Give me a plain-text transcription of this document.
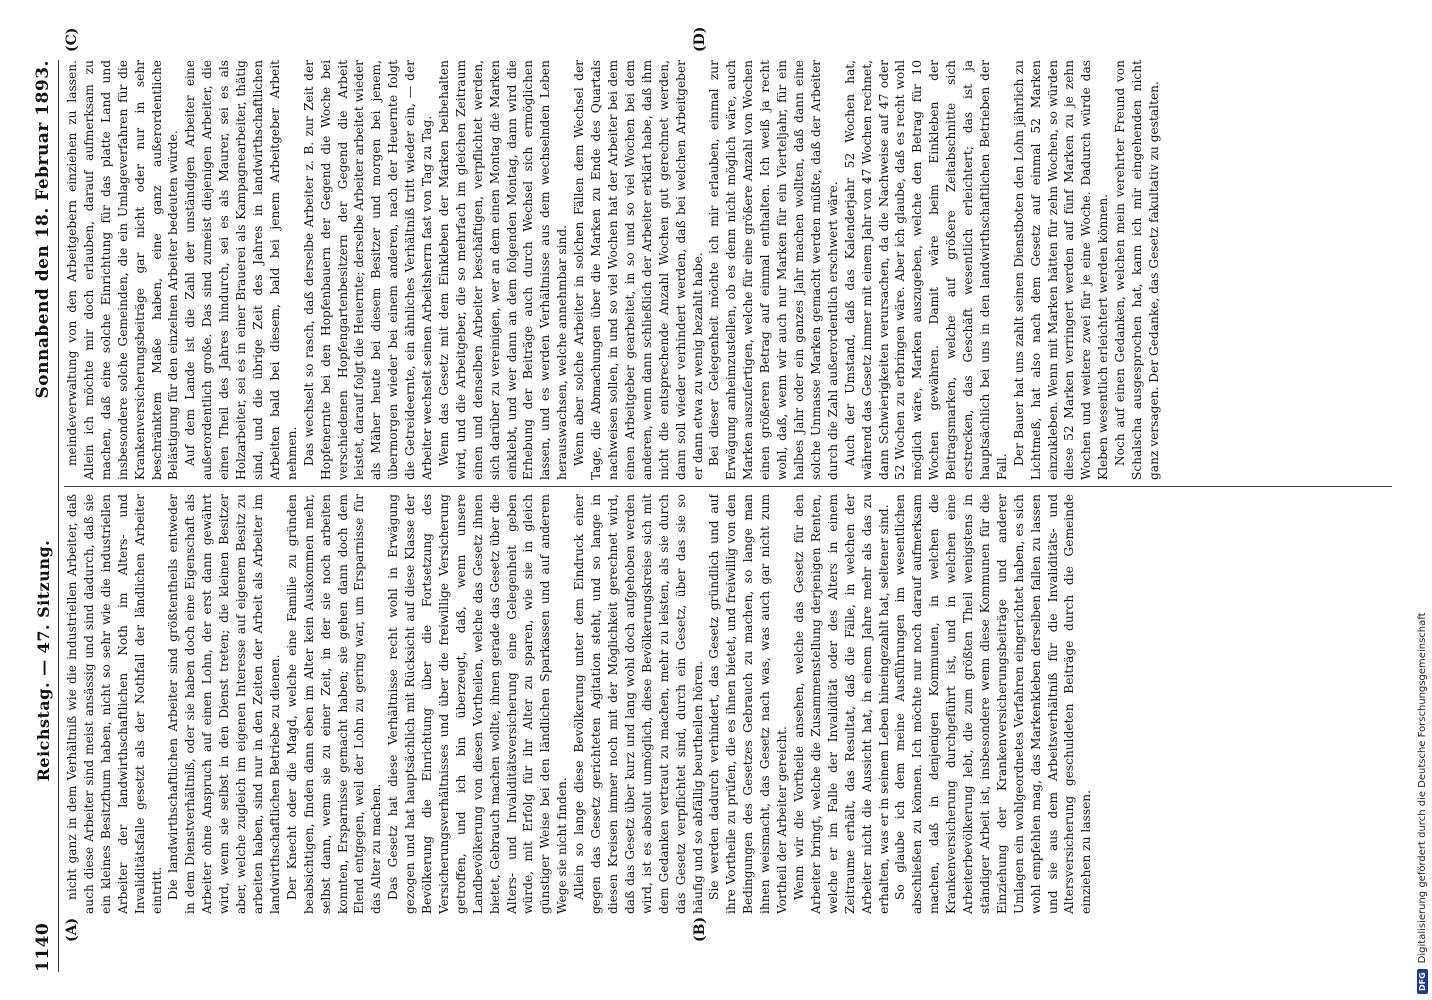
1140
Reichstag. — 47. Sitzung.
Sonnabend den 18. Februar 1893.
(A)	(B)
(C)	(D)

nicht ganz in dem Verhältniß wie die industriellen Arbeiter, daß auch diese Arbeiter sind meist ansässig und sind dadurch, daß sie ein kleines Besitzthum haben, nicht so sehr wie die industriellen Arbeiter der landwirthschaftlichen Noth im Alters- und Invaliditätsfalle gesetzt als der Nothfall der ländlichen Arbeiter eintritt. Die landwirthschaftlichen Arbeiter sind größtentheils entweder in dem Dienstverhältniß, oder sie haben doch eine Eigenschaft als Arbeiter ohne Anspruch auf einen Lohn, der erst dann gewährt wird, wenn sie selbst in den Dienst treten; die kleinen Besitzer aber, welche zugleich im eigenen Interesse auf eigenem Besitz zu arbeiten haben, sind nur in den Zeiten der Arbeit als Arbeiter im landwirthschaftlichen Betriebe zu dienen. Der Knecht oder die Magd, welche eine Familie zu gründen beabsichtigen, finden dann eben im Alter kein Auskommen mehr, selbst dann, wenn sie zu einer Zeit, in der sie noch arbeiten konnten, Ersparnisse gemacht haben; sie gehen dann doch dem Elend entgegen, weil der Lohn zu gering war, um Ersparnisse für das Alter zu machen. Das Gesetz hat diese Verhältnisse recht wohl in Erwägung gezogen und hat hauptsächlich mit Rücksicht auf diese Klasse der Bevölkerung die Einrichtung über die Fortsetzung des Versicherungsverhältnisses und über die freiwillige Versicherung getroffen, und ich bin überzeugt, daß, wenn unsere Landbevölkerung von diesen Vortheilen, welche das Gesetz ihnen bietet, Gebrauch machen wollte, ihnen gerade das Gesetz über die Alters- und Invaliditätsversicherung eine Gelegenheit geben würde, mit Erfolg für ihr Alter zu sparen, wie sie in gleich günstiger Weise bei den ländlichen Sparkassen und auf anderem Wege sie nicht finden. Allein so lange diese Bevölkerung unter dem Eindruck einer gegen das Gesetz gerichteten Agitation steht, und so lange in diesen Kreisen immer noch mit der Möglichkeit gerechnet wird, daß das Gesetz über kurz und lang wohl doch aufgehoben werden wird, ist es absolut unmöglich, diese Bevölkerungskreise sich mit dem Gedanken vertraut zu machen, mehr zu leisten, als sie durch das Gesetz verpflichtet sind, durch ein Gesetz, über das sie so häufig und so abfällig beurtheilen hören. Sie werden dadurch verhindert, das Gesetz gründlich und auf ihre Vortheile zu prüfen, die es ihnen bietet, und freiwillig von den Bedingungen des Gesetzes Gebrauch zu machen, so lange man ihnen weismacht, das Gesetz nach was, was auch gar nicht zum Vortheil der Arbeiter gereicht. Wenn wir die Vortheile ansehen, welche das Gesetz für den Arbeiter bringt, welche die Zusammenstellung derjenigen Renten, welche er im Falle der Invalidität oder des Alters in einem Zeitraume erhält, das Resultat, daß die Fälle, in welchen der Arbeiter nicht die Aussicht hat, in einem Jahre mehr als das zu erhalten, was er in seinem Leben hineingezahlt hat, seltener sind. So glaube ich dem meine Ausführungen im wesentlichen abschließen zu können. Ich möchte nur noch darauf aufmerksam machen, daß in denjenigen Kommunen, in welchen die Krankenversicherung durchgeführt ist, und in welchen eine Arbeiterbevölkerung lebt, die zum größten Theil wenigstens in ständiger Arbeit ist, insbesondere wenn diese Kommunen für die Einziehung der Krankenversicherungsbeiträge und anderer Umlagen ein wohlgeordnetes Verfahren eingerichtet haben, es sich wohl empfehlen mag, das Markenkleben derselben fallen zu lassen und sie aus dem Arbeitsverhältniß für die Invaliditäts- und Altersversicherung geschuldeten Beiträge durch die Gemeinde einziehen zu lassen.

meindeverwaltung von den Arbeitgebern einziehen zu lassen. Allein ich möchte mir doch erlauben, darauf aufmerksam zu machen, daß eine solche Einrichtung für das platte Land und insbesondere solche Gemeinden, die ein Umlageverfahren für die Krankenversicherungsbeiträge gar nicht oder nur in sehr beschränktem Maße haben, eine ganz außerordentliche Belästigung für den einzelnen Arbeiter bedeuten würde. Auf dem Lande ist die Zahl der unständigen Arbeiter eine außerordentlich große. Das sind zumeist diejenigen Arbeiter, die einen Theil des Jahres hindurch, sei es als Maurer, sei es als Holzarbeiter, sei es in einer Brauerei als Kampagnearbeiter, thätig sind, und die übrige Zeit des Jahres in landwirthschaftlichen Arbeiten bald bei diesem, bald bei jenem Arbeitgeber Arbeit nehmen. Das wechselt so rasch, daß derselbe Arbeiter z. B. zur Zeit der Hopfenernte bei den Hopfenbauern der Gegend die Woche bei verschiedenen Hopfengartenbesitzern der Gegend die Arbeit leistet, darauf folgt die Heuernte; derselbe Arbeiter arbeitet wieder als Mäher heute bei diesem Besitzer und morgen bei jenem, übermorgen wieder bei einem anderen, nach der Heuernte folgt die Getreideernte, ein ähnliches Verhältniß tritt wieder ein, — der Arbeiter wechselt seinen Arbeitsherrn fast von Tag zu Tag. Wenn das Gesetz mit dem Einkleben der Marken beibehalten wird, und die Arbeitgeber, die so mehrfach im gleichen Zeitraum einen und denselben Arbeiter beschäftigen, verpflichtet werden, sich darüber zu vereinigen, wer an dem einen Montag die Marken einklebt, und wer dann an dem folgenden Montag, dann wird die Erhebung der Beiträge auch durch Wechsel sich ermöglichen lassen, und es werden Verhältnisse aus dem wechselnden Leben herauswachsen, welche annehmbar sind. Wenn aber solche Arbeiter in solchen Fällen dem Wechsel der Tage, die Abmachungen über die Marken zu Ende des Quartals nachweisen sollen, in und so viel Wochen hat der Arbeiter bei dem einen Arbeitgeber gearbeitet, in so und so viel Wochen bei dem anderen, wenn dann schließlich der Arbeiter erklärt habe, daß ihm nicht die entsprechende Anzahl Wochen gut gerechnet werden, dann soll wieder verhindert werden, daß bei welchen Arbeitgeber er dann etwa zu wenig bezahlt habe. Bei dieser Gelegenheit möchte ich mir erlauben, einmal zur Erwägung anheimzustellen, ob es denn nicht möglich wäre, auch Marken auszufertigen, welche für eine größere Anzahl von Wochen einen größeren Betrag auf einmal enthalten. Ich weiß ja recht wohl, daß, wenn wir auch nur Marken für ein Vierteljahr, für ein halbes Jahr oder ein ganzes Jahr machen wollten, daß dann eine solche Unmasse Marken gemacht werden müßte, daß der Arbeiter durch die Zahl außerordentlich erschwert wäre. Auch der Umstand, daß das Kalenderjahr 52 Wochen hat, während das Gesetz immer mit einem Jahr von 47 Wochen rechnet, dann Schwierigkeiten verursachen, da die Nachweise auf 47 oder 52 Wochen zu erbringen wäre. Aber ich glaube, daß es recht wohl möglich wäre, Marken auszugeben, welche den Betrag für 10 Wochen gewähren. Damit wäre beim Einkleben der Beitragsmarken, welche auf größere Zeitabschnitte sich erstrecken, das Geschäft wesentlich erleichtert; das ist ja hauptsächlich bei uns in den landwirthschaftlichen Betrieben der Fall.

Der Bauer hat uns zahlt seinen Dienstboten den Lohn jährlich zu Lichtmeß, hat also nach dem Gesetz auf einmal 52 Marken einzukleben. Wenn mit Marken hätten für zehn Wochen, so würden diese 52 Marken verringert werden auf fünf Marken zu je zehn Wochen und weitere zwei für je eine Woche. Dadurch würde das Kleben wesentlich erleichtert werden können. Noch auf einen Gedanken, welchen mein verehrter Freund von Schalscha ausgesprochen hat, kann ich mir eingehenden nicht ganz versagen. Der Gedanke, das Gesetz fakultativ zu gestalten.

DFG
Digitalisierung gefördert durch die Deutsche Forschungsgemeinschaft
